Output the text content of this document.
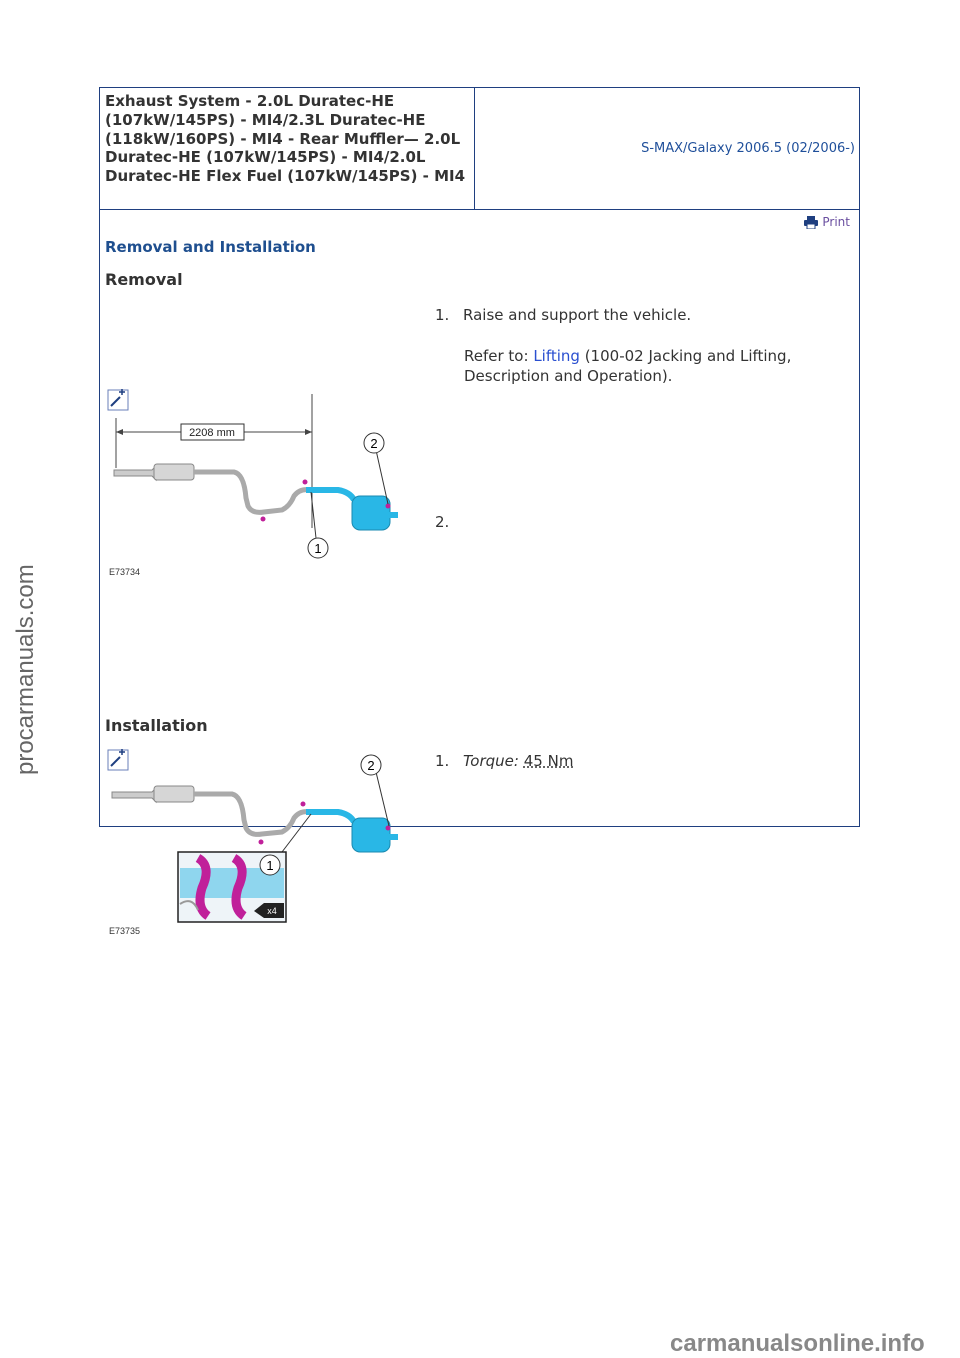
Exhaust System - 2.0L Duratec-HE (107kW/145PS) - MI4/2.3L Duratec-HE (118kW/160PS) - MI4 - Rear Muffler— 2.0L Duratec-HE (107kW/145PS) - MI4/2.0L Duratec-HE Flex Fuel (107kW/145PS) - MI4
S-MAX/Galaxy 2006.5 (02/2006-)
Print
Removal and Installation
Removal
1. Raise and support the vehicle.
Refer to: Lifting (100-02 Jacking and Lifting, Description and Operation).
2.
2208 mm
1
2
E73734
Installation
1. Torque: 45 Nm
2
1
x4
E73735
procarmanuals.com
carmanualsonline.info
